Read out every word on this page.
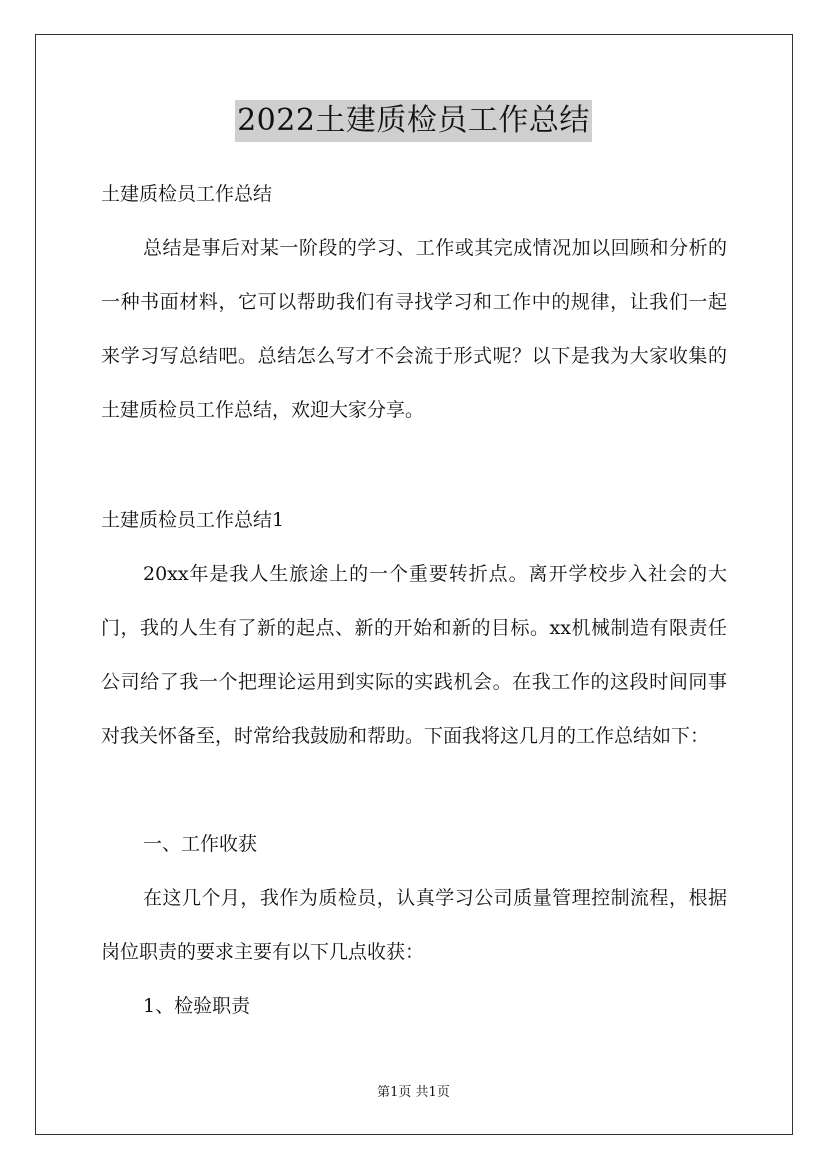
2022土建质检员工作总结
土建质检员工作总结

总结是事后对某一阶段的学习、工作或其完成情况加以回顾和分析的一种书面材料，它可以帮助我们有寻找学习和工作中的规律，让我们一起来学习写总结吧。总结怎么写才不会流于形式呢？以下是我为大家收集的土建质检员工作总结，欢迎大家分享。

土建质检员工作总结1

20xx年是我人生旅途上的一个重要转折点。离开学校步入社会的大门，我的人生有了新的起点、新的开始和新的目标。xx机械制造有限责任公司给了我一个把理论运用到实际的实践机会。在我工作的这段时间同事对我关怀备至，时常给我鼓励和帮助。下面我将这几月的工作总结如下：

一、工作收获

在这几个月，我作为质检员，认真学习公司质量管理控制流程，根据岗位职责的要求主要有以下几点收获：

1、检验职责
第1页 共1页
